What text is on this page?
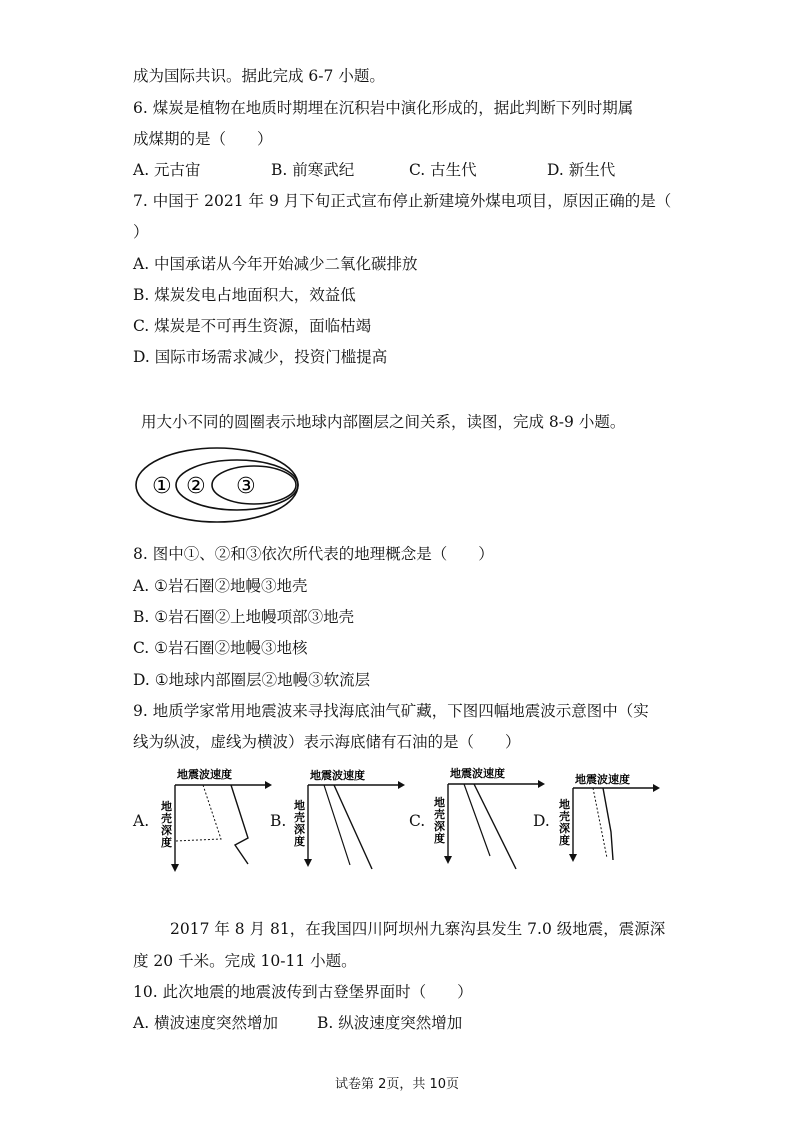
成为国际共识。据此完成 6-7 小题。
6. 煤炭是植物在地质时期埋在沉积岩中演化形成的，据此判断下列时期属
成煤期的是（　　）
A. 元古宙	B. 前寒武纪	C. 古生代	D. 新生代
7. 中国于 2021 年 9 月下旬正式宣布停止新建境外煤电项目，原因正确的是（
）
A. 中国承诺从今年开始减少二氧化碳排放
B. 煤炭发电占地面积大，效益低
C. 煤炭是不可再生资源，面临枯竭
D. 国际市场需求减少，投资门槛提高
用大小不同的圆圈表示地球内部圈层之间关系，读图，完成 8-9 小题。
① ② ③
8. 图中①、②和③依次所代表的地理概念是（　　）
A. ①岩石圈②地幔③地壳
B. ①岩石圈②上地幔项部③地壳
C. ①岩石圈②地幔③地核
D. ①地球内部圈层②地幔③软流层
9. 地质学家常用地震波来寻找海底油气矿藏，下图四幅地震波示意图中（实
线为纵波，虚线为横波）表示海底储有石油的是（　　）
A.	B.	C.	D.
地震波速度
地
壳
深
度
地震波速度
地
壳
深
度
地震波速度
地
壳
深
度
地震波速度
地
壳
深
度
2017 年 8 月 81，在我国四川阿坝州九寨沟县发生 7.0 级地震，震源深
度 20 千米。完成 10-11 小题。
10. 此次地震的地震波传到古登堡界面时（　　）
A. 横波速度突然增加	B. 纵波速度突然增加
试卷第 2页，共 10页
